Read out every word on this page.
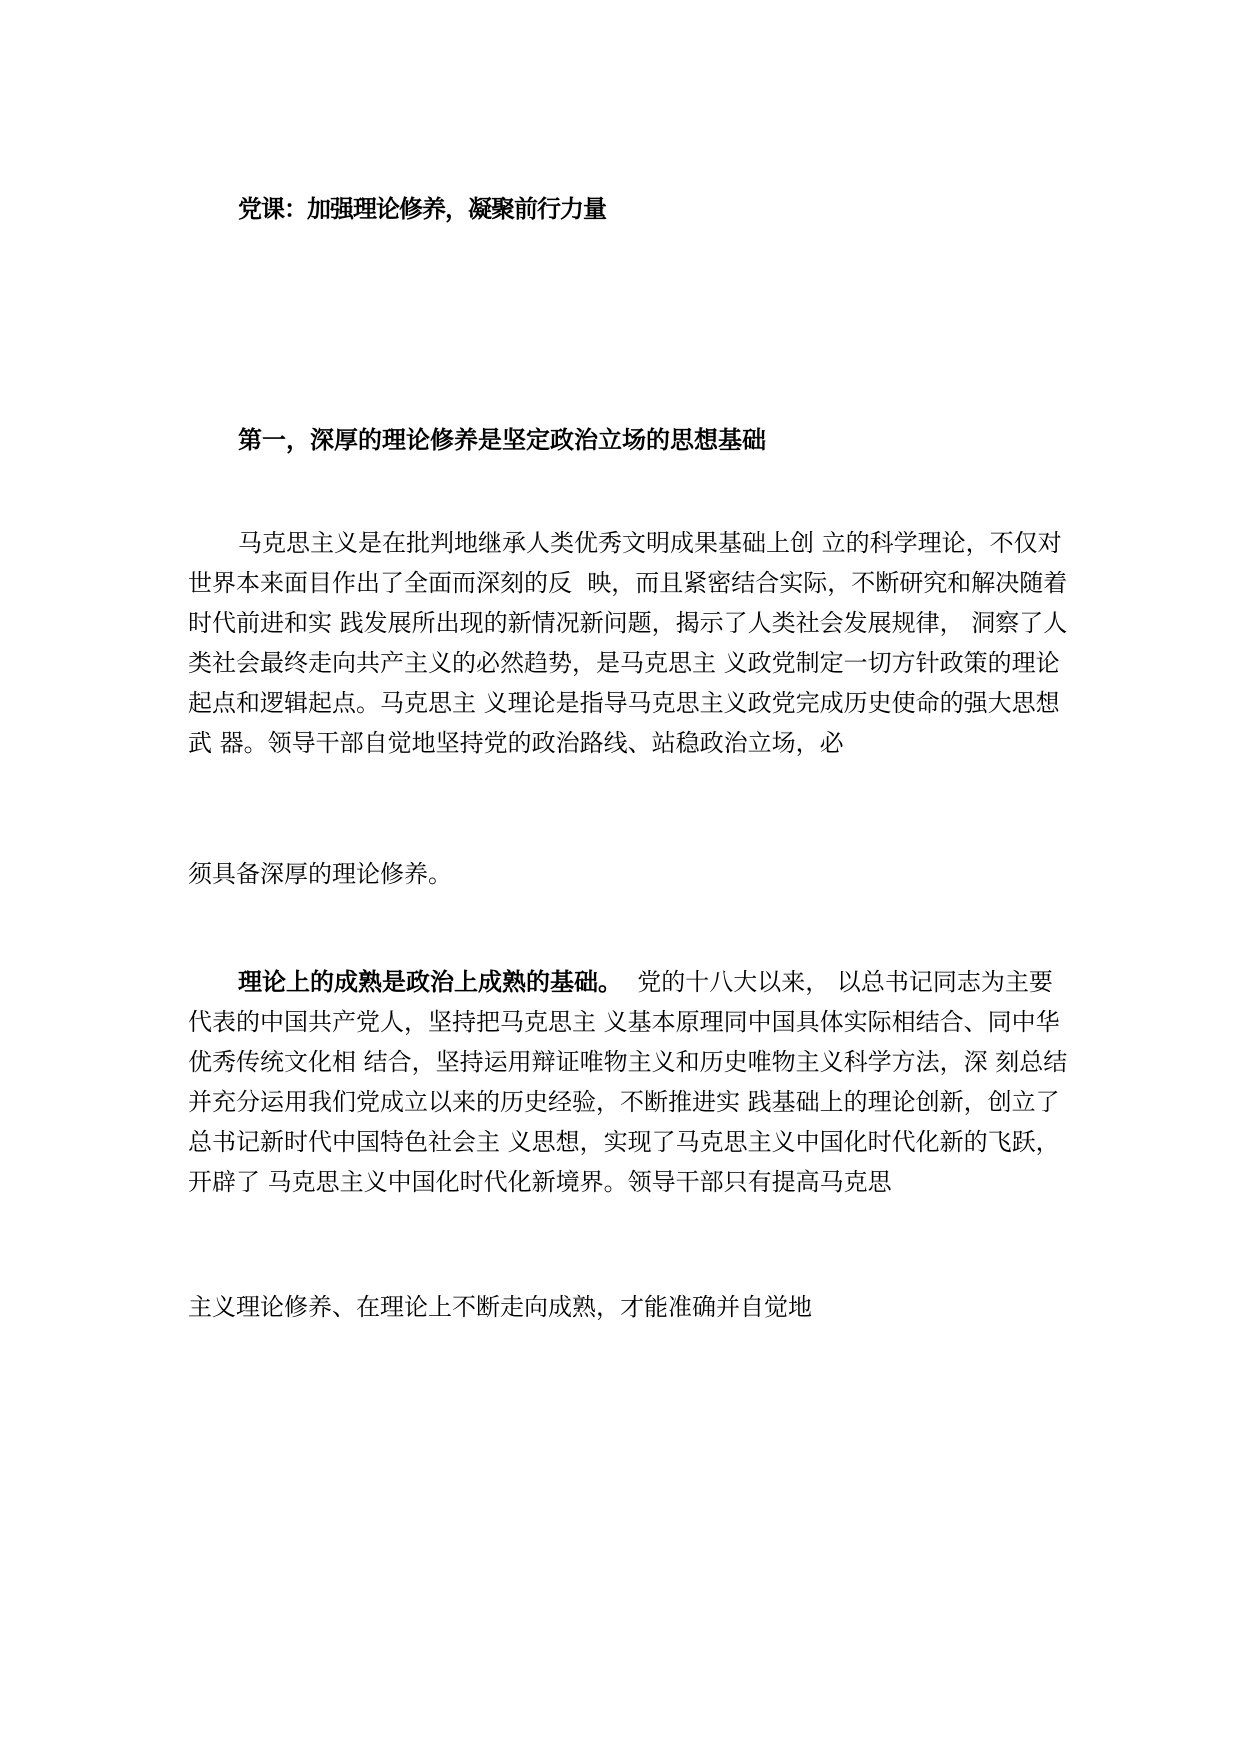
党课：加强理论修养，凝聚前行力量
第一，深厚的理论修养是坚定政治立场的思想基础
马克思主义是在批判地继承人类优秀文明成果基础上创 立的科学理论，不仅对世界本来面目作出了全面而深刻的反  映，而且紧密结合实际，不断研究和解决随着时代前进和实 践发展所出现的新情况新问题，揭示了人类社会发展规律， 洞察了人类社会最终走向共产主义的必然趋势，是马克思主 义政党制定一切方针政策的理论起点和逻辑起点。马克思主 义理论是指导马克思主义政党完成历史使命的强大思想武 器。领导干部自觉地坚持党的政治路线、站稳政治立场，必
须具备深厚的理论修养。
理论上的成熟是政治上成熟的基础。  党的十八大以来， 以总书记同志为主要代表的中国共产党人，坚持把马克思主 义基本原理同中国具体实际相结合、同中华优秀传统文化相 结合，坚持运用辩证唯物主义和历史唯物主义科学方法，深 刻总结并充分运用我们党成立以来的历史经验，不断推进实 践基础上的理论创新，创立了总书记新时代中国特色社会主 义思想，实现了马克思主义中国化时代化新的飞跃，开辟了 马克思主义中国化时代化新境界。领导干部只有提高马克思
主义理论修养、在理论上不断走向成熟，才能准确并自觉地
